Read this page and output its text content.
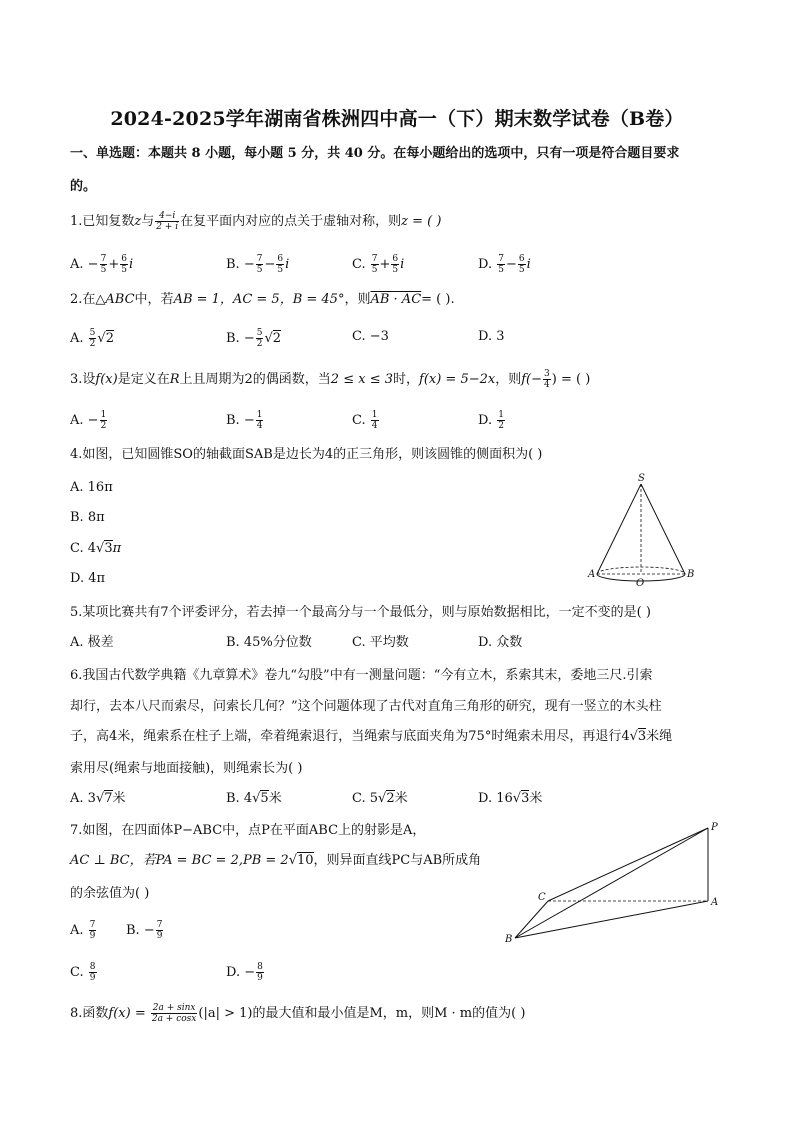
2024-2025学年湖南省株洲四中高一（下）期末数学试卷（B卷）
一、单选题：本题共 8 小题，每小题 5 分，共 40 分。在每小题给出的选项中，只有一项是符合题目要求
的。
1.已知复数z与 $\frac{4-i}{2 + i}$ 在复平面内对应的点关于虚轴对称，则z = ( )
A. − $\frac{7}{5} + \frac{6}{5}$ i	B. − $\frac{7}{5} - \frac{6}{5}$ i	C. $\frac{7}{5} + \frac{6}{5}$ i	D. $\frac{7}{5} - \frac{6}{5}$ i
2.在△ABC中，若AB = 1，AC = 5，B = 45°，则AB · AC= ( ).
A. $\frac{5}{2} √2$	B. − $\frac{5}{2} √2$	C. −3	D. 3
3.设f(x)是定义在R上且周期为2的偶函数，当2 ≤ x ≤ 3时，f(x) = 5−2x，则$f(- \frac{3}{4}$ ) = ( )
A. − $\frac{1}{2}$	B. − $\frac{1}{4}$	C. $\frac{1}{4}$	D. $\frac{1}{2}$
4.如图，已知圆锥SO的轴截面SAB是边长为4的正三角形，则该圆锥的侧面积为( )
A. 16π
B. 8π
C. 4√3π
D. 4π
S
A
O
B
5.某项比赛共有7个评委评分，若去掉一个最高分与一个最低分，则与原始数据相比，一定不变的是( )
A. 极差	B. 45%分位数	C. 平均数	D. 众数
6.我国古代数学典籍《九章算术》卷九“勾股”中有一测量问题：“今有立木，系索其末，委地三尺.引索
却行，去本八尺而索尽，问索长几何？”这个问题体现了古代对直角三角形的研究，现有一竖立的木头柱
子，高4米，绳索系在柱子上端，牵着绳索退行，当绳索与底面夹角为75°时绳索未用尽，再退行4√3米绳
索用尽(绳索与地面接触)，则绳索长为( )
A. 3√7米	B. 4√5米	C. 5√2米	D. 16√3米
7.如图，在四面体P−ABC中，点P在平面ABC上的射影是A，
AC ⊥ BC，若PA = BC = 2,PB = 2√10，则异面直线PC与AB所成角
的余弦值为( )
A. $\frac{7}{9} B$. − $\frac{7}{9}$
C. $\frac{8}{9}$	D. − $\frac{8}{9}$
P
C	A
B
8.函数$f(x) = \frac{2a + \sin x}{2a + \cos x} (|a| > 1)$的最大值和最小值是M，m，则M · m的值为( )
